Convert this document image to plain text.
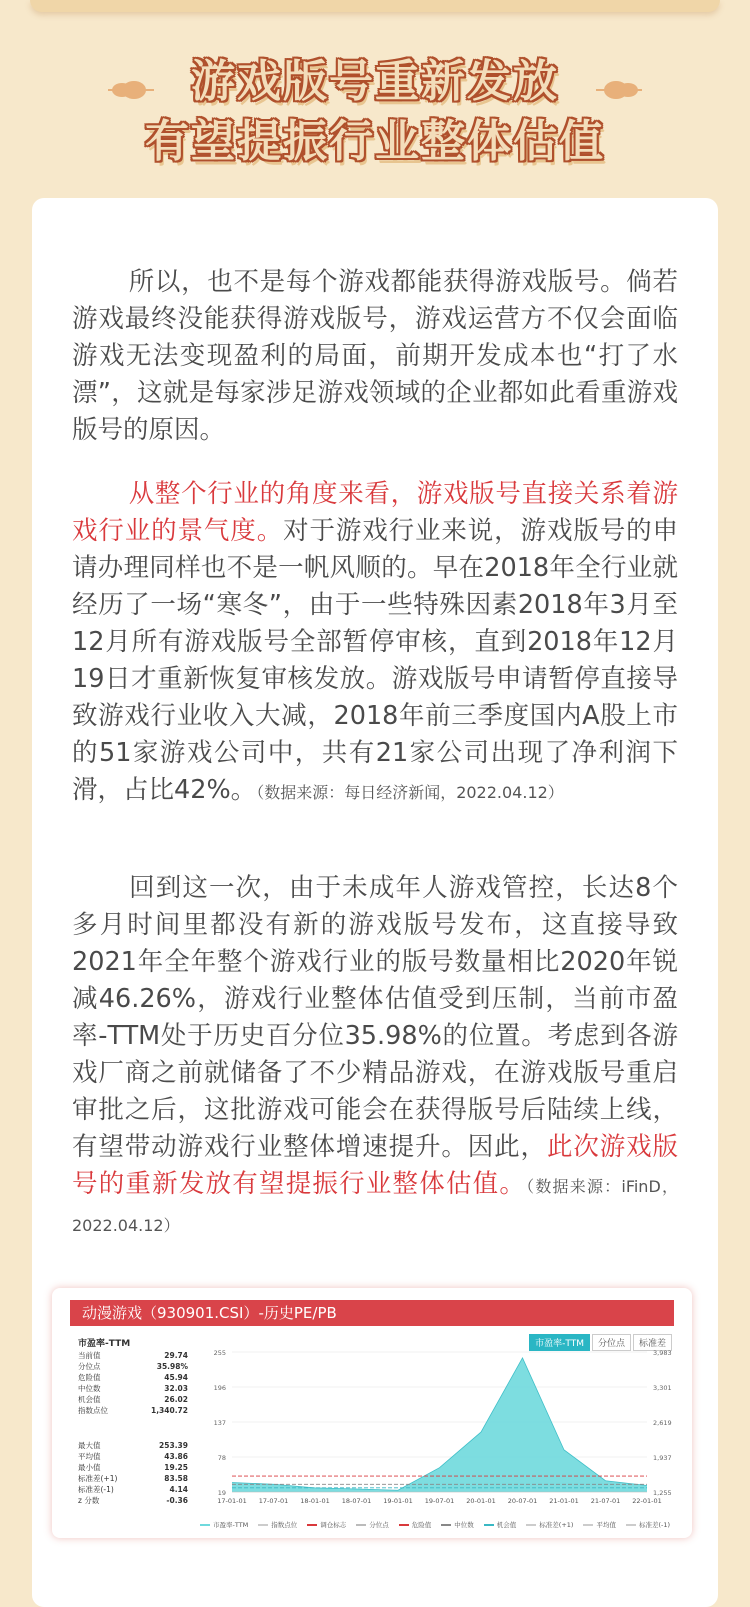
游戏版号重新发放
有望提振行业整体估值
所以，也不是每个游戏都能获得游戏版号。倘若游戏最终没能获得游戏版号，游戏运营方不仅会面临游戏无法变现盈利的局面，前期开发成本也“打了水漂”，这就是每家涉足游戏领域的企业都如此看重游戏版号的原因。
从整个行业的角度来看，游戏版号直接关系着游戏行业的景气度。对于游戏行业来说，游戏版号的申请办理同样也不是一帆风顺的。早在2018年全行业就经历了一场“寒冬”，由于一些特殊因素2018年3月至12月所有游戏版号全部暂停审核，直到2018年12月19日才重新恢复审核发放。游戏版号申请暂停直接导致游戏行业收入大减，2018年前三季度国内A股上市的51家游戏公司中，共有21家公司出现了净利润下滑，占比42%。（数据来源：每日经济新闻，2022.04.12）
回到这一次，由于未成年人游戏管控，长达8个多月时间里都没有新的游戏版号发布，这直接导致2021年全年整个游戏行业的版号数量相比2020年锐减46.26%，游戏行业整体估值受到压制，当前市盈率-TTM处于历史百分位35.98%的位置。考虑到各游戏厂商之前就储备了不少精品游戏，在游戏版号重启审批之后，这批游戏可能会在获得版号后陆续上线，有望带动游戏行业整体增速提升。因此，此次游戏版号的重新发放有望提振行业整体估值。（数据来源：iFinD，2022.04.12）
动漫游戏（930901.CSI）-历史PE/PB
市盈率-TTM	市盈率-TTM	分位点	标准差
当前值	29.74
分位点	35.98%
危险值	45.94
中位数	32.03
机会值	26.02
指数点位	1,340.72
最大值	253.39
平均值	43.86
最小值	19.25
标准差(+1)	83.58
标准差(-1)	4.14
z 分数	-0.36
19	1,255
78	1,937
137	2,619
196	3,301
255	3,983
17-01-01 17-07-01 18-01-01 18-07-01 19-01-01 19-07-01 20-01-01 20-07-01 21-01-01 21-07-01 22-01-01
市盈率-TTM	指数点位	调仓标志	分位点	危险值	中位数	机会值	标准差(+1)	平均值	标准差(-1)
